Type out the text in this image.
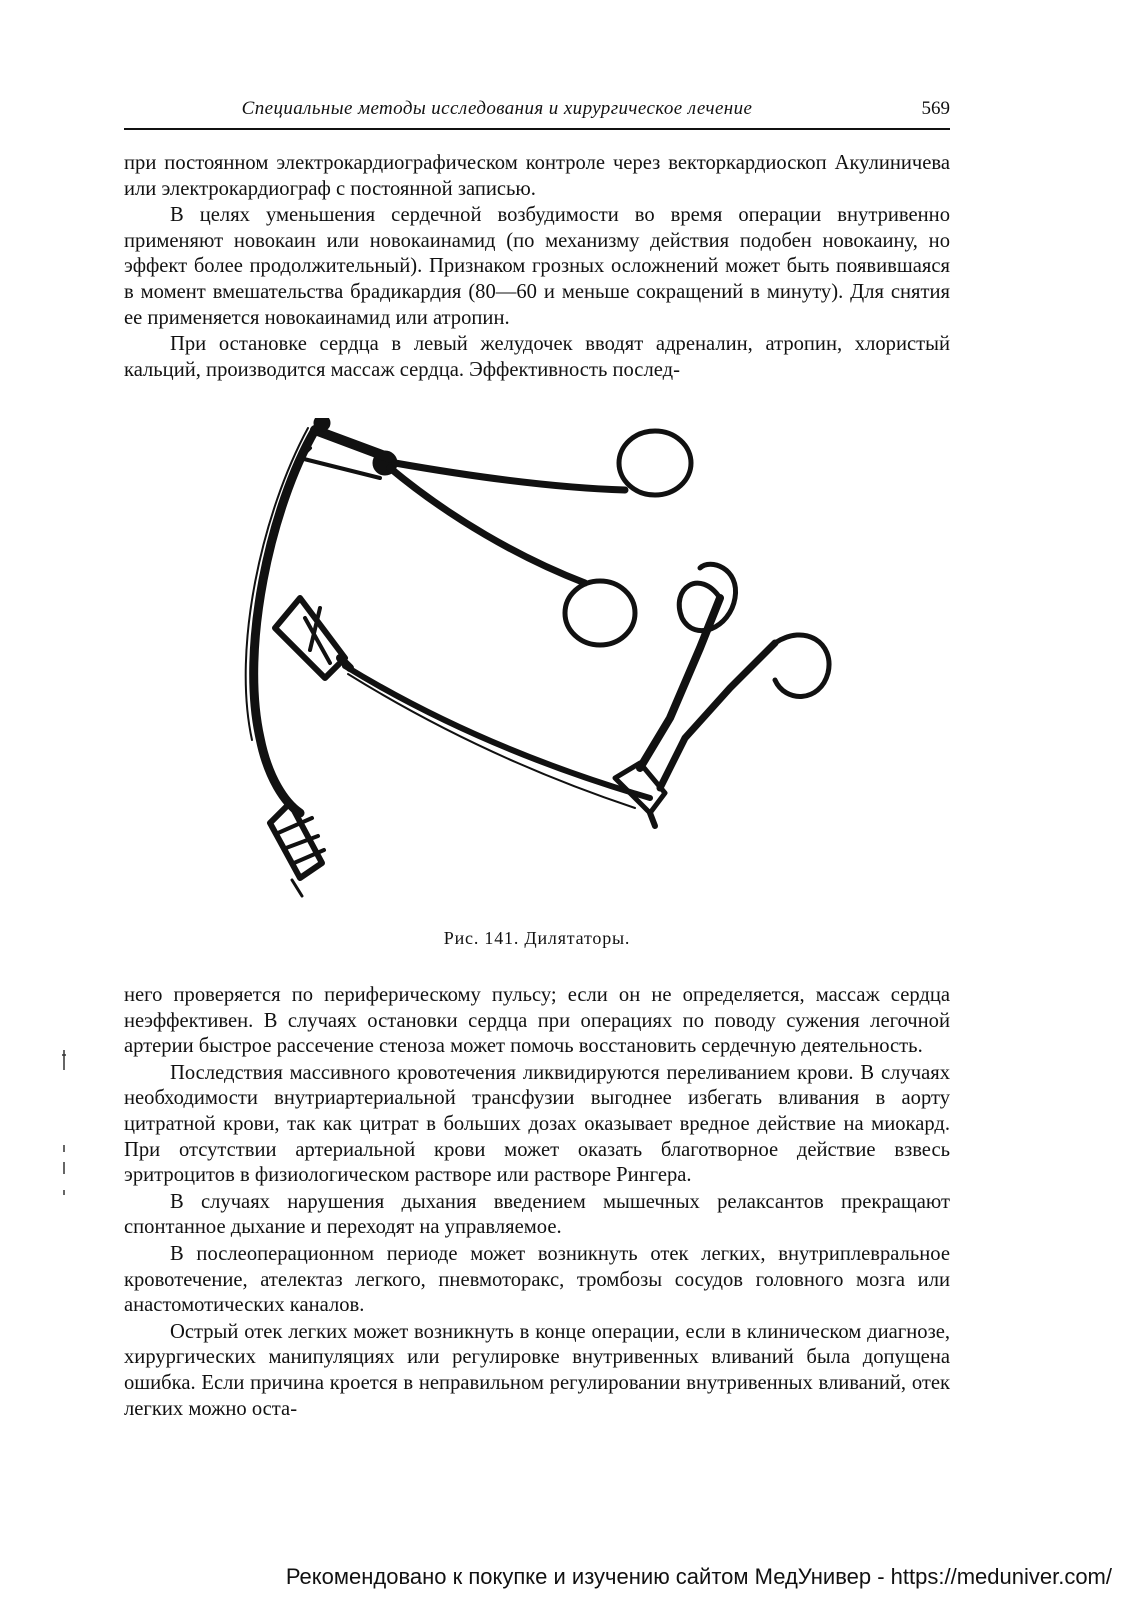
Специальные методы исследования и хирургическое лечение	569

при постоянном электрокардиографическом контроле через векторкардиоскоп Акулиничева или электрокардиограф с постоянной записью.

В целях уменьшения сердечной возбудимости во время операции внутривенно применяют новокаин или новокаинамид (по механизму действия подобен новокаину, но эффект более продолжительный). Признаком грозных осложнений может быть появившаяся в момент вмешательства брадикардия (80—60 и меньше сокращений в минуту). Для снятия ее применяется новокаинамид или атропин.

При остановке сердца в левый желудочек вводят адреналин, атропин, хлористый кальций, производится массаж сердца. Эффективность послед-

Рис. 141. Дилятаторы.

него проверяется по периферическому пульсу; если он не определяется, массаж сердца неэффективен. В случаях остановки сердца при операциях по поводу сужения легочной артерии быстрое рассечение стеноза может помочь восстановить сердечную деятельность.

Последствия массивного кровотечения ликвидируются переливанием крови. В случаях необходимости внутриартериальной трансфузии выгоднее избегать вливания в аорту цитратной крови, так как цитрат в больших дозах оказывает вредное действие на миокард. При отсутствии артериальной крови может оказать благотворное действие взвесь эритроцитов в физиологическом растворе или растворе Рингера.

В случаях нарушения дыхания введением мышечных релаксантов прекращают спонтанное дыхание и переходят на управляемое.

В послеоперационном периоде может возникнуть отек легких, внутриплевральное кровотечение, ателектаз легкого, пневмоторакс, тромбозы сосудов головного мозга или анастомотических каналов.

Острый отек легких может возникнуть в конце операции, если в клиническом диагнозе, хирургических манипуляциях или регулировке внутривенных вливаний была допущена ошибка. Если причина кроется в неправильном регулировании внутривенных вливаний, отек легких можно оста-

Рекомендовано к покупке и изучению сайтом МедУнивер - https://meduniver.com/
